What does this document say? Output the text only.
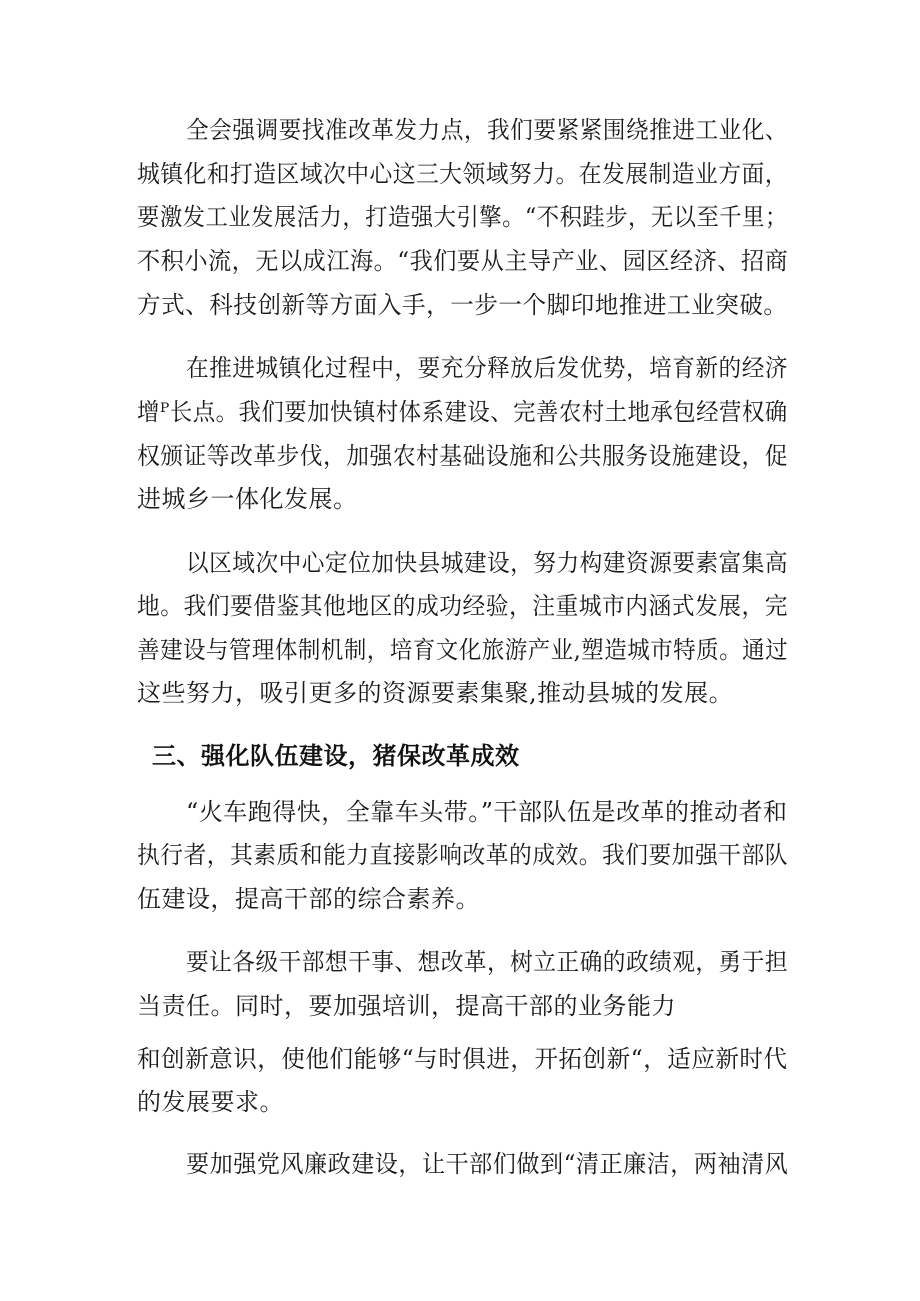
全会强调要找准改革发力点，我们要紧紧围绕推进工业化、
城镇化和打造区域次中心这三大领域努力。在发展制造业方面，
要激发工业发展活力，打造强大引擎。“不积跬步，无以至千里；
不积小流，无以成江海。“我们要从主导产业、园区经济、招商
方式、科技创新等方面入手，一步一个脚印地推进工业突破。
在推进城镇化过程中，要充分释放后发优势，培育新的经济
增ᴾ长点。我们要加快镇村体系建设、完善农村土地承包经营权确
权颁证等改革步伐，加强农村基础设施和公共服务设施建设，促
进城乡一体化发展。
以区域次中心定位加快县城建设，努力构建资源要素富集高
地。我们要借鉴其他地区的成功经验，注重城市内涵式发展，完
善建设与管理体制机制，培育文化旅游产业,塑造城市特质。通过
这些努力，吸引更多的资源要素集聚,推动县城的发展。
三、强化队伍建设，猪保改革成效
“火车跑得快，全靠车头带。”干部队伍是改革的推动者和
执行者，其素质和能力直接影响改革的成效。我们要加强干部队
伍建设，提高干部的综合素养。
要让各级干部想干事、想改革，树立正确的政绩观，勇于担
当责任。同时，要加强培训，提高干部的业务能力
和创新意识，使他们能够“与时俱进，开拓创新“，适应新时代
的发展要求。
要加强党风廉政建设，让干部们做到“清正廉洁，两袖清风
